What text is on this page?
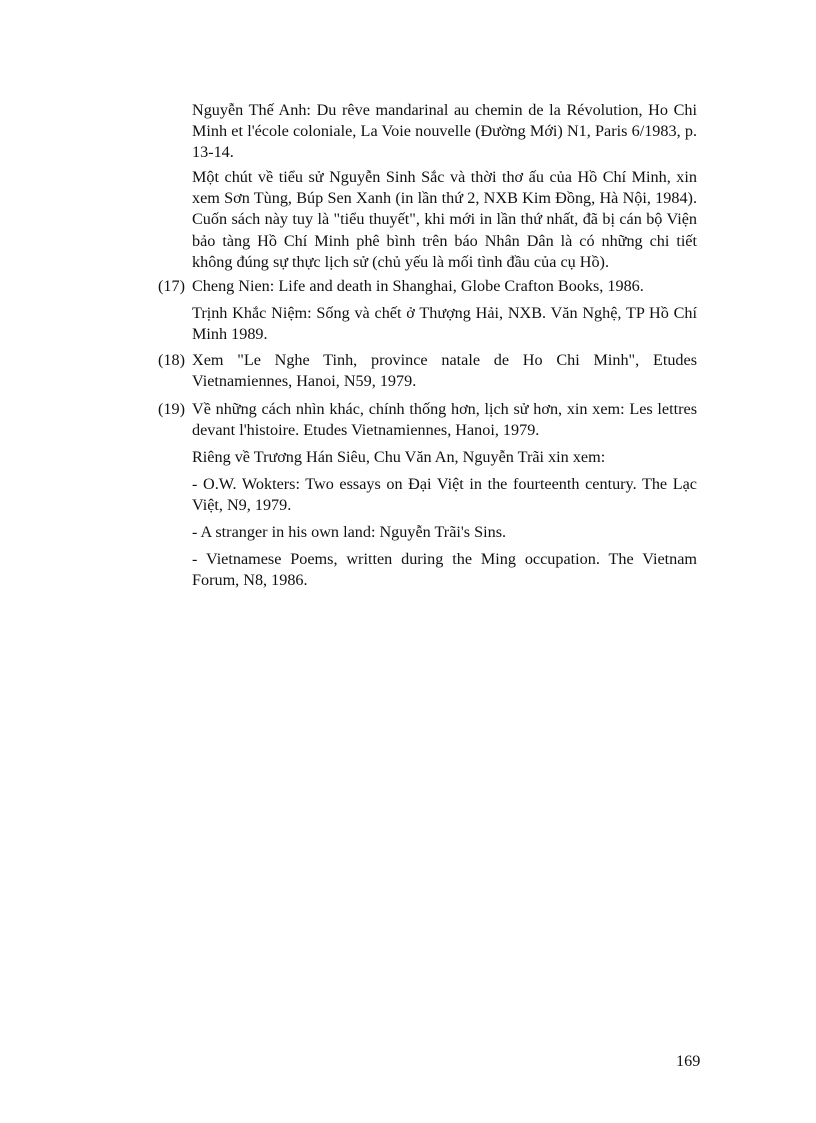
Nguyễn Thế Anh: Du rêve mandarinal au chemin de la Révolution, Ho Chi Minh et l'école coloniale, La Voie nouvelle (Đường Mới) N1, Paris 6/1983, p. 13-14.

Một chút về tiểu sử Nguyễn Sinh Sắc và thời thơ ấu của Hồ Chí Minh, xin xem Sơn Tùng, Búp Sen Xanh (in lần thứ 2, NXB Kim Đồng, Hà Nội, 1984). Cuốn sách này tuy là "tiểu thuyết", khi mới in lần thứ nhất, đã bị cán bộ Viện bảo tàng Hồ Chí Minh phê bình trên báo Nhân Dân là có những chi tiết không đúng sự thực lịch sử (chủ yếu là mối tình đầu của cụ Hồ).

(17) Cheng Nien: Life and death in Shanghai, Globe Crafton Books, 1986.

Trịnh Khắc Niệm: Sống và chết ở Thượng Hải, NXB. Văn Nghệ, TP Hồ Chí Minh 1989.

(18) Xem "Le Nghe Tinh, province natale de Ho Chi Minh", Etudes Vietnamiennes, Hanoi, N59, 1979.
(19) Về những cách nhìn khác, chính thống hơn, lịch sử hơn, xin xem: Les lettres devant l'histoire. Etudes Vietnamiennes, Hanoi, 1979.

Riêng về Trương Hán Siêu, Chu Văn An, Nguyễn Trãi xin xem:

- O.W. Wokters: Two essays on Đại Việt in the fourteenth century. The Lạc Việt, N9, 1979.

- A stranger in his own land: Nguyễn Trãi's Sins.

- Vietnamese Poems, written during the Ming occupation. The Vietnam Forum, N8, 1986.

169
